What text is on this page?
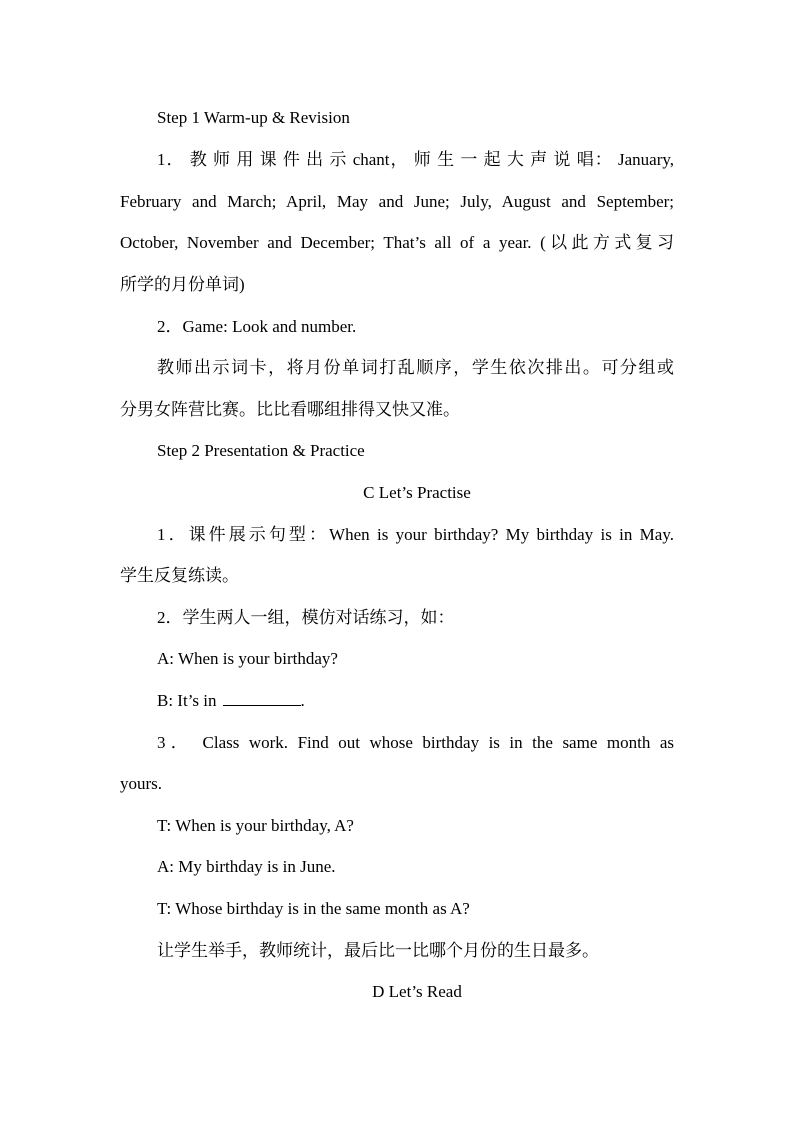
Step 1 Warm-up & Revision
1． 教 师 用 课 件 出 示 chant， 师 生 一 起 大 声 说 唱： January,
February and March; April, May and June; July, August and September;
October, November and December; That’s all of a year. (以此方式复习
所学的月份单词)
2．Game: Look and number.
教师出示词卡，将月份单词打乱顺序，学生依次排出。可分组或
分男女阵营比赛。比比看哪组排得又快又准。
Step 2 Presentation & Practice
C Let’s Practise
1．课件展示句型：When is your birthday? My birthday is in May.
学生反复练读。
2．学生两人一组，模仿对话练习，如：
A: When is your birthday?
B: It’s in	.
3． Class work. Find out whose birthday is in the same month as
yours.
T: When is your birthday, A?
A: My birthday is in June.
T: Whose birthday is in the same month as A?
让学生举手，教师统计，最后比一比哪个月份的生日最多。
D Let’s Read
